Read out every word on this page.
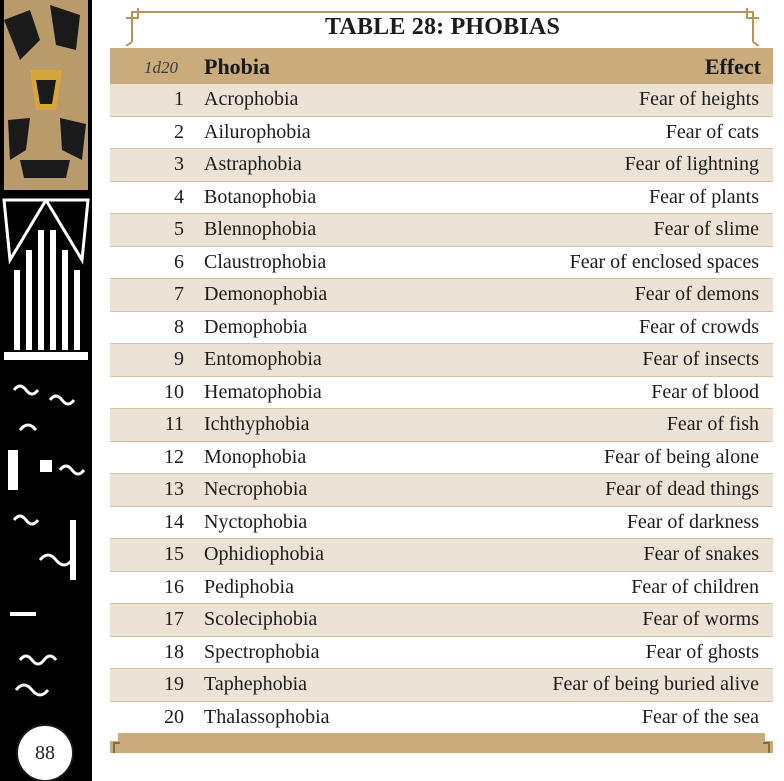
88
TABLE 28: PHOBIAS
1d20 Phobia	Effect
1 Acrophobia	Fear of heights
2 Ailurophobia	Fear of cats
3 Astraphobia	Fear of lightning
4 Botanophobia	Fear of plants
5 Blennophobia	Fear of slime
6 Claustrophobia	Fear of enclosed spaces
7 Demonophobia	Fear of demons
8 Demophobia	Fear of crowds
9 Entomophobia	Fear of insects
10 Hematophobia	Fear of blood
11 Ichthyphobia	Fear of fish
12 Monophobia	Fear of being alone
13 Necrophobia	Fear of dead things
14 Nyctophobia	Fear of darkness
15 Ophidiophobia	Fear of snakes
16 Pediphobia	Fear of children
17 Scoleciphobia	Fear of worms
18 Spectrophobia	Fear of ghosts
19 Taphephobia	Fear of being buried alive
20 Thalassophobia	Fear of the sea
